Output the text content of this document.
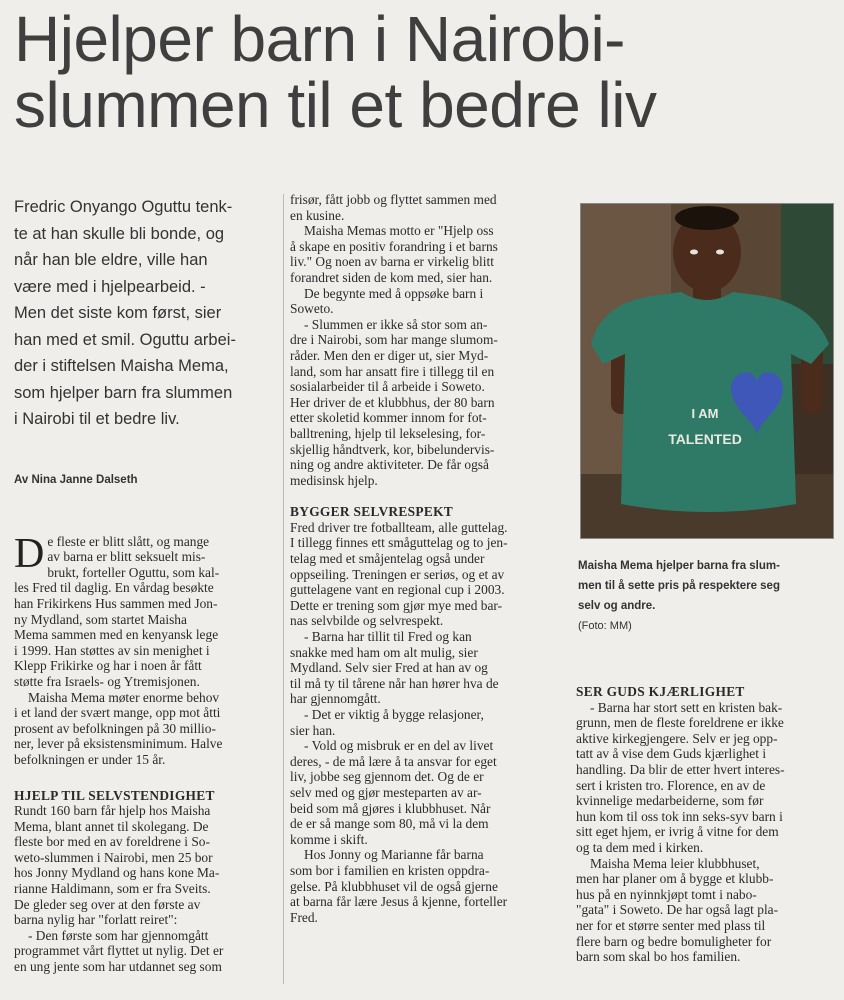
Hjelper barn i Nairobi-
slummen til et bedre liv
Fredric Onyango Oguttu tenk-
te at han skulle bli bonde, og
når han ble eldre, ville han
være med i hjelpearbeid. -
Men det siste kom først, sier
han med et smil. Oguttu arbei-
der i stiftelsen Maisha Mema,
som hjelper barn fra slummen
i Nairobi til et bedre liv.
Av Nina Janne Dalseth

De fleste er blitt slått, og mange
av barna er blitt seksuelt mis-
brukt, forteller Oguttu, som kal-
les Fred til daglig. En vårdag besøkte
han Frikirkens Hus sammen med Jon-
ny Mydland, som startet Maisha
Mema sammen med en kenyansk lege
i 1999. Han støttes av sin menighet i
Klepp Frikirke og har i noen år fått
støtte fra Israels- og Ytremisjonen.

Maisha Mema møter enorme behov
i et land der svært mange, opp mot åtti
prosent av befolkningen på 30 millio-
ner, lever på eksistensminimum. Halve
befolkningen er under 15 år.

HJELP TIL SELVSTENDIGHET

Rundt 160 barn får hjelp hos Maisha
Mema, blant annet til skolegang. De
fleste bor med en av foreldrene i So-
weto-slummen i Nairobi, men 25 bor
hos Jonny Mydland og hans kone Ma-
rianne Haldimann, som er fra Sveits.
De gleder seg over at den første av
barna nylig har "forlatt reiret":

- Den første som har gjennomgått
programmet vårt flyttet ut nylig. Det er
en ung jente som har utdannet seg som

frisør, fått jobb og flyttet sammen med
en kusine.

Maisha Memas motto er "Hjelp oss
å skape en positiv forandring i et barns
liv." Og noen av barna er virkelig blitt
forandret siden de kom med, sier han.

De begynte med å oppsøke barn i
Soweto.

- Slummen er ikke så stor som an-
dre i Nairobi, som har mange slumom-
råder. Men den er diger ut, sier Myd-
land, som har ansatt fire i tillegg til en
sosialarbeider til å arbeide i Soweto.
Her driver de et klubbhus, der 80 barn
etter skoletid kommer innom for fot-
balltrening, hjelp til lekselesing, for-
skjellig håndtverk, kor, bibelundervis-
ning og andre aktiviteter. De får også
medisinsk hjelp.

BYGGER SELVRESPEKT

Fred driver tre fotballteam, alle guttelag.
I tillegg finnes ett småguttelag og to jen-
telag med et småjentelag også under
oppseiling. Treningen er seriøs, og et av
guttelagene vant en regional cup i 2003.
Dette er trening som gjør mye med bar-
nas selvbilde og selvrespekt.

- Barna har tillit til Fred og kan
snakke med ham om alt mulig, sier
Mydland. Selv sier Fred at han av og
til må ty til tårene når han hører hva de
har gjennomgått.

- Det er viktig å bygge relasjoner,
sier han.

- Vold og misbruk er en del av livet
deres, - de må lære å ta ansvar for eget
liv, jobbe seg gjennom det. Og de er
selv med og gjør mesteparten av ar-
beid som må gjøres i klubbhuset. Når
de er så mange som 80, må vi la dem
komme i skift.

Hos Jonny og Marianne får barna
som bor i familien en kristen oppdra-
gelse. På klubbhuset vil de også gjerne
at barna får lære Jesus å kjenne, forteller
Fred.

I AM
TALENTED
Maisha Mema hjelper barna fra slum-
men til å sette pris på respektere seg
selv og andre.
(Foto: MM)
SER GUDS KJÆRLIGHET

- Barna har stort sett en kristen bak-
grunn, men de fleste foreldrene er ikke
aktive kirkegjengere. Selv er jeg opp-
tatt av å vise dem Guds kjærlighet i
handling. Da blir de etter hvert interes-
sert i kristen tro. Florence, en av de
kvinnelige medarbeiderne, som før
hun kom til oss tok inn seks-syv barn i
sitt eget hjem, er ivrig å vitne for dem
og ta dem med i kirken.

Maisha Mema leier klubbhuset,
men har planer om å bygge et klubb-
hus på en nyinnkjøpt tomt i nabo-
"gata" i Soweto. De har også lagt pla-
ner for et større senter med plass til
flere barn og bedre bomuligheter for
barn som skal bo hos familien.
